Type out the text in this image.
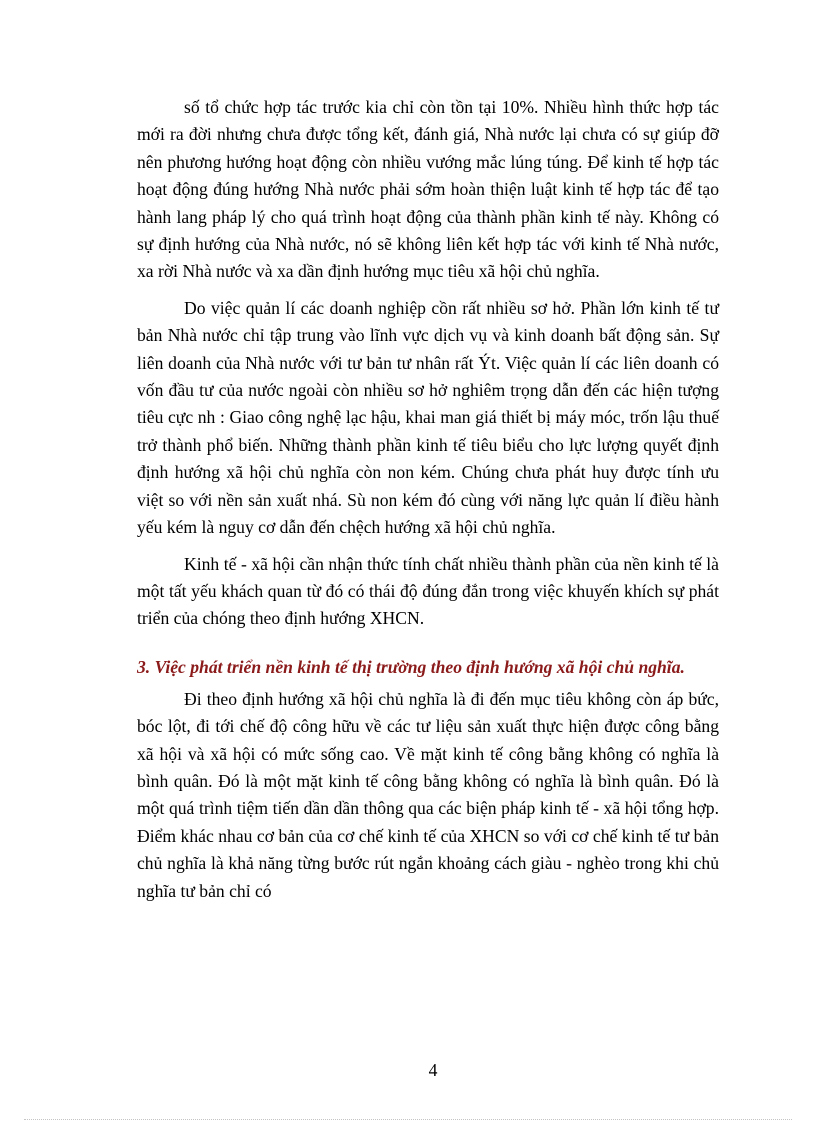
số tổ chức hợp tác trước kia chỉ còn tồn tại 10%. Nhiều hình thức hợp tác mới ra đời nhưng chưa được tổng kết, đánh giá, Nhà nước lại chưa có sự giúp đỡ nên phương hướng hoạt động còn nhiều vướng mắc lúng túng. Để kinh tế hợp tác hoạt động đúng hướng Nhà nước phải sớm hoàn thiện luật kinh tế hợp tác để tạo hành lang pháp lý cho quá trình hoạt động của thành phần kinh tế này. Không có sự định hướng của Nhà nước, nó sẽ không liên kết hợp tác với kinh tế Nhà nước, xa rời Nhà nước và xa dần định hướng mục tiêu xã hội chủ nghĩa.

Do việc quản lí các doanh nghiệp cồn rất nhiều sơ hở. Phần lớn kinh tế tư bản Nhà nước chỉ tập trung vào lĩnh vực dịch vụ và kinh doanh bất động sản. Sự liên doanh của Nhà nước với tư bản tư nhân rất Ýt. Việc quản lí các liên doanh có vốn đầu tư của nước ngoài còn nhiều sơ hở nghiêm trọng dẫn đến các hiện tượng tiêu cực nh : Giao công nghệ lạc hậu, khai man giá thiết bị máy móc, trốn lậu thuế trở thành phổ biến. Những thành phần kinh tế tiêu biểu cho lực lượng quyết định định hướng xã hội chủ nghĩa còn non kém. Chúng chưa phát huy được tính ưu việt so với nền sản xuất nhá. Sù non kém đó cùng với năng lực quản lí điều hành yếu kém là nguy cơ dẫn đến chệch hướng xã hội chủ nghĩa.

Kinh tế - xã hội cần nhận thức tính chất nhiều thành phần của nền kinh tế là một tất yếu khách quan từ đó có thái độ đúng đắn trong việc khuyến khích sự phát triển của chóng theo định hướng XHCN.

3. Việc phát triển nền kinh tế thị trường theo định hướng xã hội chủ nghĩa.

Đi theo định hướng xã hội chủ nghĩa là đi đến mục tiêu không còn áp bức, bóc lột, đi tới chế độ công hữu về các tư liệu sản xuất thực hiện được công bằng xã hội và xã hội có mức sống cao. Về mặt kinh tế công bằng không có nghĩa là bình quân. Đó là một mặt kinh tế công bằng không có nghĩa là bình quân. Đó là một quá trình tiệm tiến dần dần thông qua các biện pháp kinh tế - xã hội tổng hợp. Điểm khác nhau cơ bản của cơ chế kinh tế của XHCN so với cơ chế kinh tế tư bản chủ nghĩa là khả năng từng bước rút ngắn khoảng cách giàu - nghèo trong khi chủ nghĩa tư bản chỉ có

4
